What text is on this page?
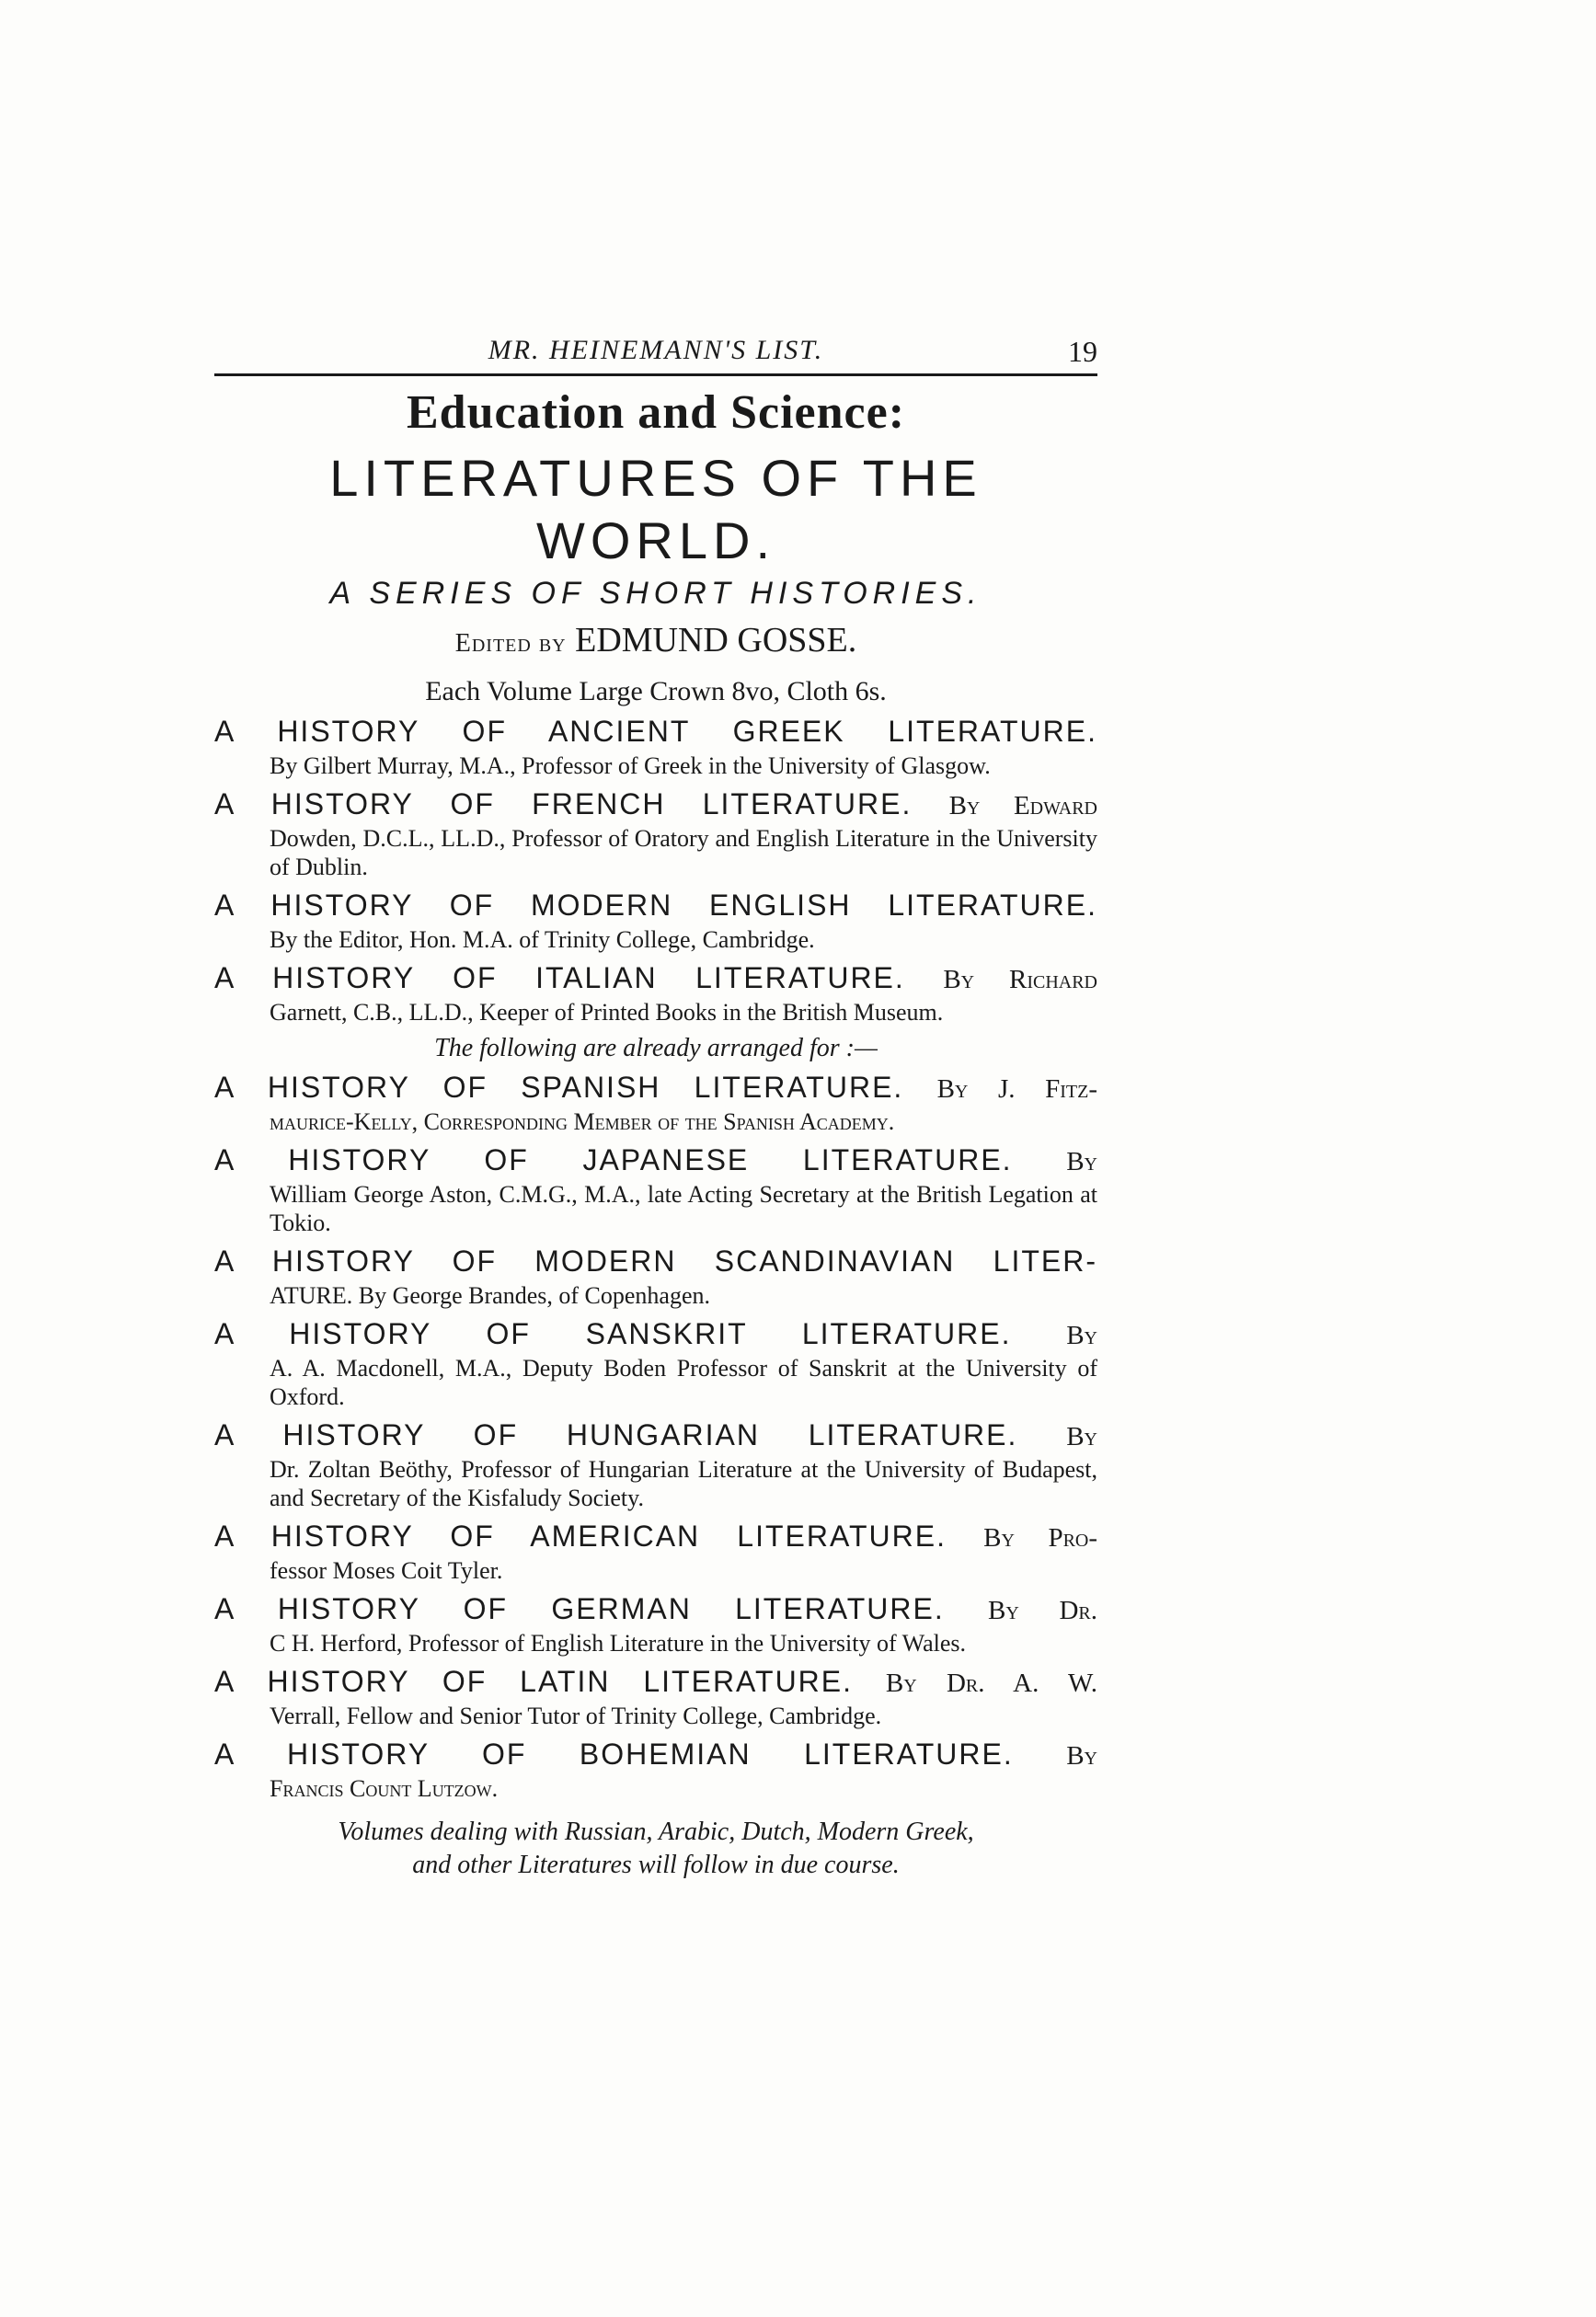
MR. HEINEMANN'S LIST.	19
Education and Science:
LITERATURES OF THE WORLD.
A SERIES OF SHORT HISTORIES.
Edited by EDMUND GOSSE.
Each Volume Large Crown 8vo, Cloth 6s.
A HISTORY OF ANCIENT GREEK LITERATURE.
By Gilbert Murray, M.A., Professor of Greek in the University of Glasgow.
A HISTORY OF FRENCH LITERATURE. By Edward
Dowden, D.C.L., LL.D., Professor of Oratory and English Literature in the University of Dublin.
A HISTORY OF MODERN ENGLISH LITERATURE.
By the Editor, Hon. M.A. of Trinity College, Cambridge.
A HISTORY OF ITALIAN LITERATURE. By Richard
Garnett, C.B., LL.D., Keeper of Printed Books in the British Museum.
The following are already arranged for :—
A HISTORY OF SPANISH LITERATURE. By J. Fitz-
maurice-Kelly, Corresponding Member of the Spanish Academy.
A HISTORY OF JAPANESE LITERATURE. By
William George Aston, C.M.G., M.A., late Acting Secretary at the British Legation at Tokio.
A HISTORY OF MODERN SCANDINAVIAN LITER-
ATURE. By George Brandes, of Copenhagen.
A HISTORY OF SANSKRIT LITERATURE. By
A. A. Macdonell, M.A., Deputy Boden Professor of Sanskrit at the University of Oxford.
A HISTORY OF HUNGARIAN LITERATURE. By
Dr. Zoltan Beöthy, Professor of Hungarian Literature at the University of Budapest, and Secretary of the Kisfaludy Society.
A HISTORY OF AMERICAN LITERATURE. By Pro-
fessor Moses Coit Tyler.
A HISTORY OF GERMAN LITERATURE. By Dr.
C H. Herford, Professor of English Literature in the University of Wales.
A HISTORY OF LATIN LITERATURE. By Dr. A. W.
Verrall, Fellow and Senior Tutor of Trinity College, Cambridge.
A HISTORY OF BOHEMIAN LITERATURE. By
Francis Count Lutzow.
Volumes dealing with Russian, Arabic, Dutch, Modern Greek,
and other Literatures will follow in due course.
